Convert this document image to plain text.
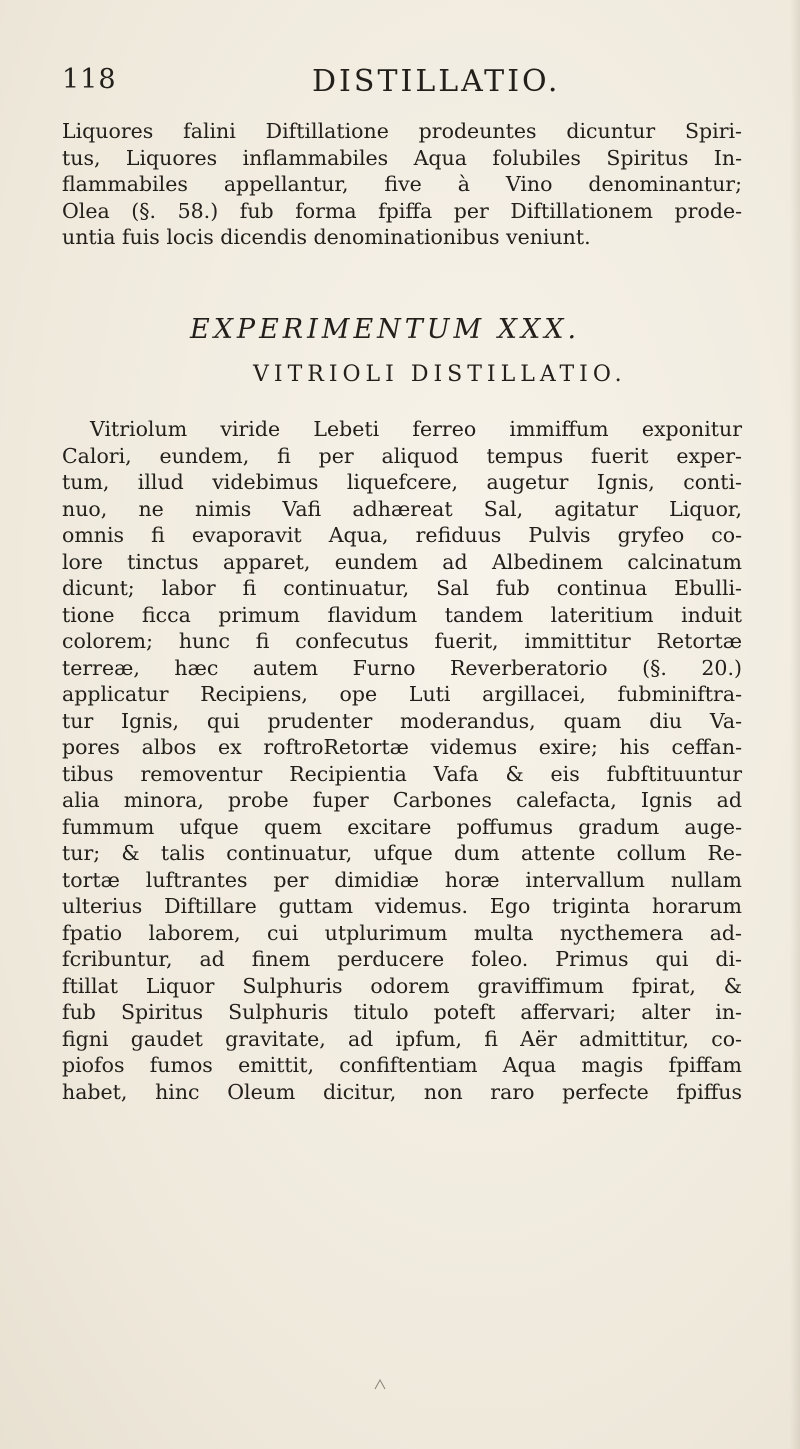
118	DISTILLATIO.
Liquores falini Diftillatione prodeuntes dicuntur Spiri-
tus, Liquores inflammabiles Aqua folubiles Spiritus In-
flammabiles appellantur, five à Vino denominantur;
Olea (§. 58.) fub forma fpiffa per Diftillationem prode-
untia fuis locis dicendis denominationibus veniunt.
EXPERIMENTUM XXX.
VITRIOLI DISTILLATIO.
Vitriolum viride Lebeti ferreo immiffum exponitur
Calori, eundem, fi per aliquod tempus fuerit exper-
tum, illud videbimus liquefcere, augetur Ignis, conti-
nuo, ne nimis Vafi adhæreat Sal, agitatur Liquor,
omnis fi evaporavit Aqua, refiduus Pulvis gryfeo co-
lore tinctus apparet, eundem ad Albedinem calcinatum
dicunt; labor fi continuatur, Sal fub continua Ebulli-
tione ficca primum flavidum tandem lateritium induit
colorem; hunc fi confecutus fuerit, immittitur Retortæ
terreæ, hæc autem Furno Reverberatorio (§. 20.)
applicatur Recipiens, ope Luti argillacei, fubminiftra-
tur Ignis, qui prudenter moderandus, quam diu Va-
pores albos ex roftroRetortæ videmus exire; his ceffan-
tibus removentur Recipientia Vafa & eis fubftituuntur
alia minora, probe fuper Carbones calefacta, Ignis ad
fummum ufque quem excitare poffumus gradum auge-
tur; & talis continuatur, ufque dum attente collum Re-
tortæ luftrantes per dimidiæ horæ intervallum nullam
ulterius Diftillare guttam videmus. Ego triginta horarum
fpatio laborem, cui utplurimum multa nycthemera ad-
fcribuntur, ad finem perducere foleo. Primus qui di-
ftillat Liquor Sulphuris odorem graviffimum fpirat, &
fub Spiritus Sulphuris titulo poteft affervari; alter in-
figni gaudet gravitate, ad ipfum, fi Aër admittitur, co-
piofos fumos emittit, confiftentiam Aqua magis fpiffam
habet, hinc Oleum dicitur, non raro perfecte fpiffus
